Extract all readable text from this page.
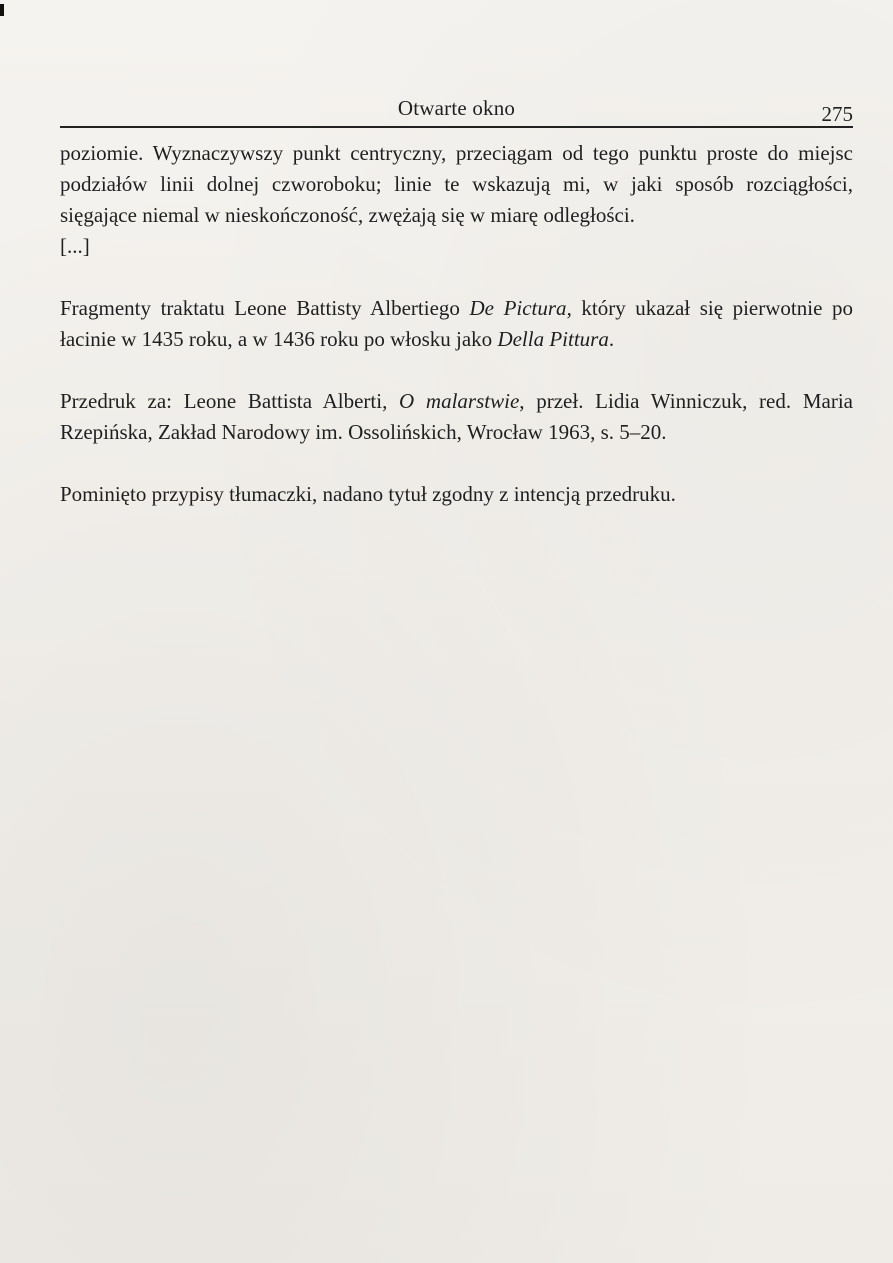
Otwarte okno	275

poziomie. Wyznaczywszy punkt centryczny, przeciągam od tego punktu proste do miejsc podziałów linii dolnej czworoboku; linie te wskazują mi, w jaki sposób rozciągłości, sięgające niemal w nieskończoność, zwężają się w miarę odległości.
[...]

Fragmenty traktatu Leone Battisty Albertiego De Pictura, który ukazał się pierwotnie po łacinie w 1435 roku, a w 1436 roku po włosku jako Della Pittura.

Przedruk za: Leone Battista Alberti, O malarstwie, przeł. Lidia Winniczuk, red. Maria Rzepińska, Zakład Narodowy im. Ossolińskich, Wrocław 1963, s. 5–20.

Pominięto przypisy tłumaczki, nadano tytuł zgodny z intencją przedruku.
